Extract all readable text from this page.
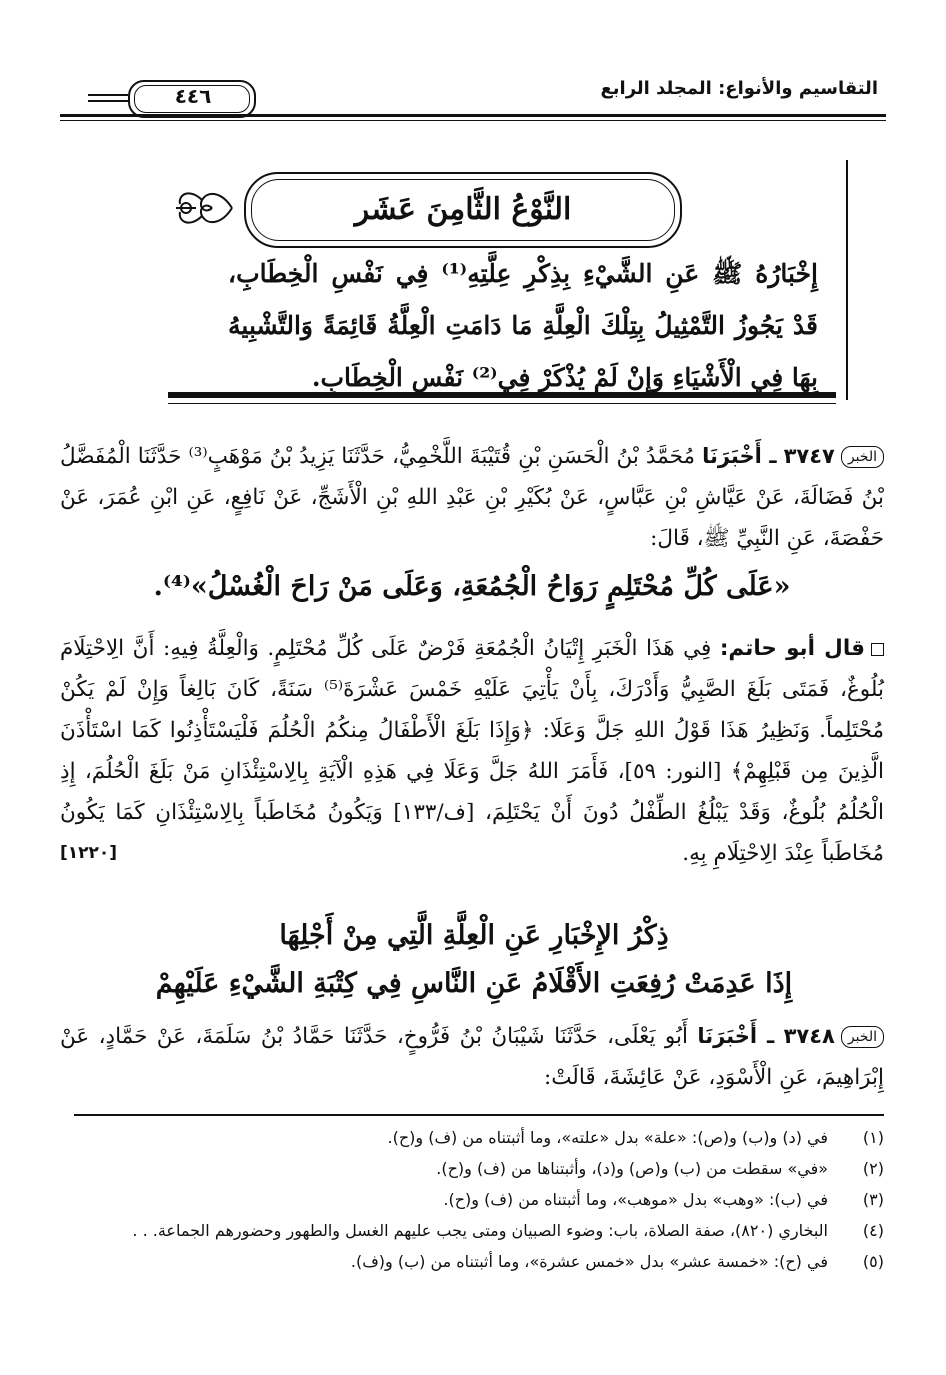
التقاسيم والأنواع: المجلد الرابع
٤٤٦
النَّوْعُ الثَّامِنَ عَشَر
إِخْبَارُهُ ﷺ عَنِ الشَّيْءِ بِذِكْرِ عِلَّتِهِ⁽¹⁾ فِي نَفْسِ الْخِطَابِ، قَدْ يَجُوزُ التَّمْثِيلُ بِتِلْكَ الْعِلَّةِ مَا دَامَتِ الْعِلَّةُ قَائِمَةً وَالتَّشْبِيهُ بِهَا فِي الْأَشْيَاءِ وَإِنْ لَمْ يُذْكَرْ فِي⁽²⁾ نَفْسِ الْخِطَابِ.
الخبر٣٧٤٧ ـ أَخْبَرَنَا مُحَمَّدُ بْنُ الْحَسَنِ بْنِ قُتَيْبَةَ اللَّخْمِيُّ، حَدَّثَنَا يَزِيدُ بْنُ مَوْهَبٍ⁽³⁾ حَدَّثَنَا الْمُفَضَّلُ بْنُ فَضَالَةَ، عَنْ عَيَّاشِ بْنِ عَبَّاسٍ، عَنْ بُكَيْرِ بْنِ عَبْدِ اللهِ بْنِ الْأَشَجِّ، عَنْ نَافِعٍ، عَنِ ابْنِ عُمَرَ، عَنْ حَفْصَةَ، عَنِ النَّبِيِّ ﷺ، قَالَ:
«عَلَى كُلِّ مُحْتَلِمٍ رَوَاحُ الْجُمُعَةِ، وَعَلَى مَنْ رَاحَ الْغُسْلُ»⁽⁴⁾.
قال أبو حاتم: فِي هَذَا الْخَبَرِ إِتْيَانُ الْجُمُعَةِ فَرْضٌ عَلَى كُلِّ مُحْتَلِمٍ. وَالْعِلَّةُ فِيهِ: أَنَّ الِاحْتِلَامَ بُلُوغٌ، فَمَتَى بَلَغَ الصَّبِيُّ وَأَدْرَكَ، بِأَنْ يَأْتِيَ عَلَيْهِ خَمْسَ عَشْرَةَ⁽⁵⁾ سَنَةً، كَانَ بَالِغاً وَإِنْ لَمْ يَكُنْ مُحْتَلِماً. وَنَظِيرُ هَذَا قَوْلُ اللهِ جَلَّ وَعَلَا: ﴿وَإِذَا بَلَغَ الْأَطْفَالُ مِنكُمُ الْحُلُمَ فَلْيَسْتَأْذِنُوا كَمَا اسْتَأْذَنَ الَّذِينَ مِن قَبْلِهِمْ﴾ [النور: ٥٩]، فَأَمَرَ اللهُ جَلَّ وَعَلَا فِي هَذِهِ الْآيَةِ بِالِاسْتِئْذَانِ مَنْ بَلَغَ الْحُلُمَ، إِذِ الْحُلُمُ بُلُوغٌ، وَقَدْ يَبْلُغُ الطِّفْلُ دُونَ أَنْ يَحْتَلِمَ، [ف/١٣٣] وَيَكُونُ مُخَاطَباً بِالِاسْتِئْذَانِ كَمَا يَكُونُ مُخَاطَباً عِنْدَ الِاحْتِلَامِ بِهِ.
[١٢٢٠]
ذِكْرُ الإِخْبَارِ عَنِ الْعِلَّةِ الَّتِي مِنْ أَجْلِهَا
إِذَا عَدِمَتْ رُفِعَتِ الأَقْلَامُ عَنِ النَّاسِ فِي كِتْبَةِ الشَّيْءِ عَلَيْهِمْ
الخبر٣٧٤٨ ـ أَخْبَرَنَا أَبُو يَعْلَى، حَدَّثَنَا شَيْبَانُ بْنُ فَرُّوخٍ، حَدَّثَنَا حَمَّادُ بْنُ سَلَمَةَ، عَنْ حَمَّادٍ، عَنْ إِبْرَاهِيمَ، عَنِ الْأَسْوَدِ، عَنْ عَائِشَةَ، قَالَتْ:
(١)
في (د) و(ب) و(ص): «علة» بدل «علته»، وما أثبتناه من (ف) و(ح).
(٢)
«في» سقطت من (ب) و(ص) و(د)، وأثبتناها من (ف) و(ح).
(٣)
في (ب): «وهب» بدل «موهب»، وما أثبتناه من (ف) و(ح).
(٤)
البخاري (٨٢٠)، صفة الصلاة، باب: وضوء الصبيان ومتى يجب عليهم الغسل والطهور وحضورهم الجماعة. . .
(٥)
في (ح): «خمسة عشر» بدل «خمس عشرة»، وما أثبتناه من (ب) و(ف).
